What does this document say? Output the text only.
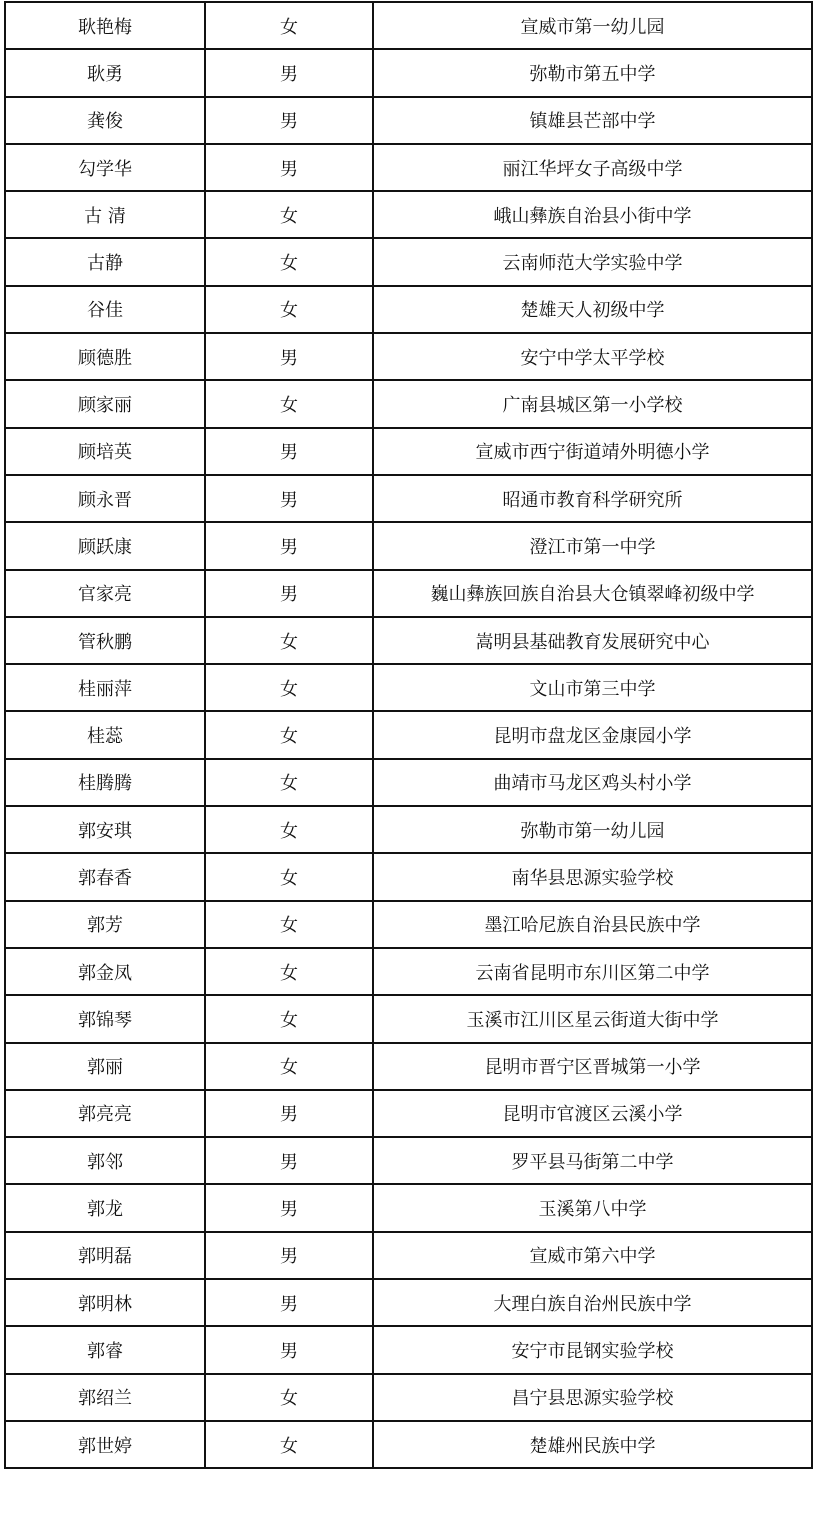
耿艳梅	女	宣威市第一幼儿园
耿勇	男	弥勒市第五中学
龚俊	男	镇雄县芒部中学
勾学华	男	丽江华坪女子高级中学
古 清	女	峨山彝族自治县小街中学
古静	女	云南师范大学实验中学
谷佳	女	楚雄天人初级中学
顾德胜	男	安宁中学太平学校
顾家丽	女	广南县城区第一小学校
顾培英	男	宣威市西宁街道靖外明德小学
顾永晋	男	昭通市教育科学研究所
顾跃康	男	澄江市第一中学
官家亮	男	巍山彝族回族自治县大仓镇翠峰初级中学
管秋鹏	女	嵩明县基础教育发展研究中心
桂丽萍	女	文山市第三中学
桂蕊	女	昆明市盘龙区金康园小学
桂腾腾	女	曲靖市马龙区鸡头村小学
郭安琪	女	弥勒市第一幼儿园
郭春香	女	南华县思源实验学校
郭芳	女	墨江哈尼族自治县民族中学
郭金凤	女	云南省昆明市东川区第二中学
郭锦琴	女	玉溪市江川区星云街道大街中学
郭丽	女	昆明市晋宁区晋城第一小学
郭亮亮	男	昆明市官渡区云溪小学
郭邻	男	罗平县马街第二中学
郭龙	男	玉溪第八中学
郭明磊	男	宣威市第六中学
郭明林	男	大理白族自治州民族中学
郭睿	男	安宁市昆钢实验学校
郭绍兰	女	昌宁县思源实验学校
郭世婷	女	楚雄州民族中学
